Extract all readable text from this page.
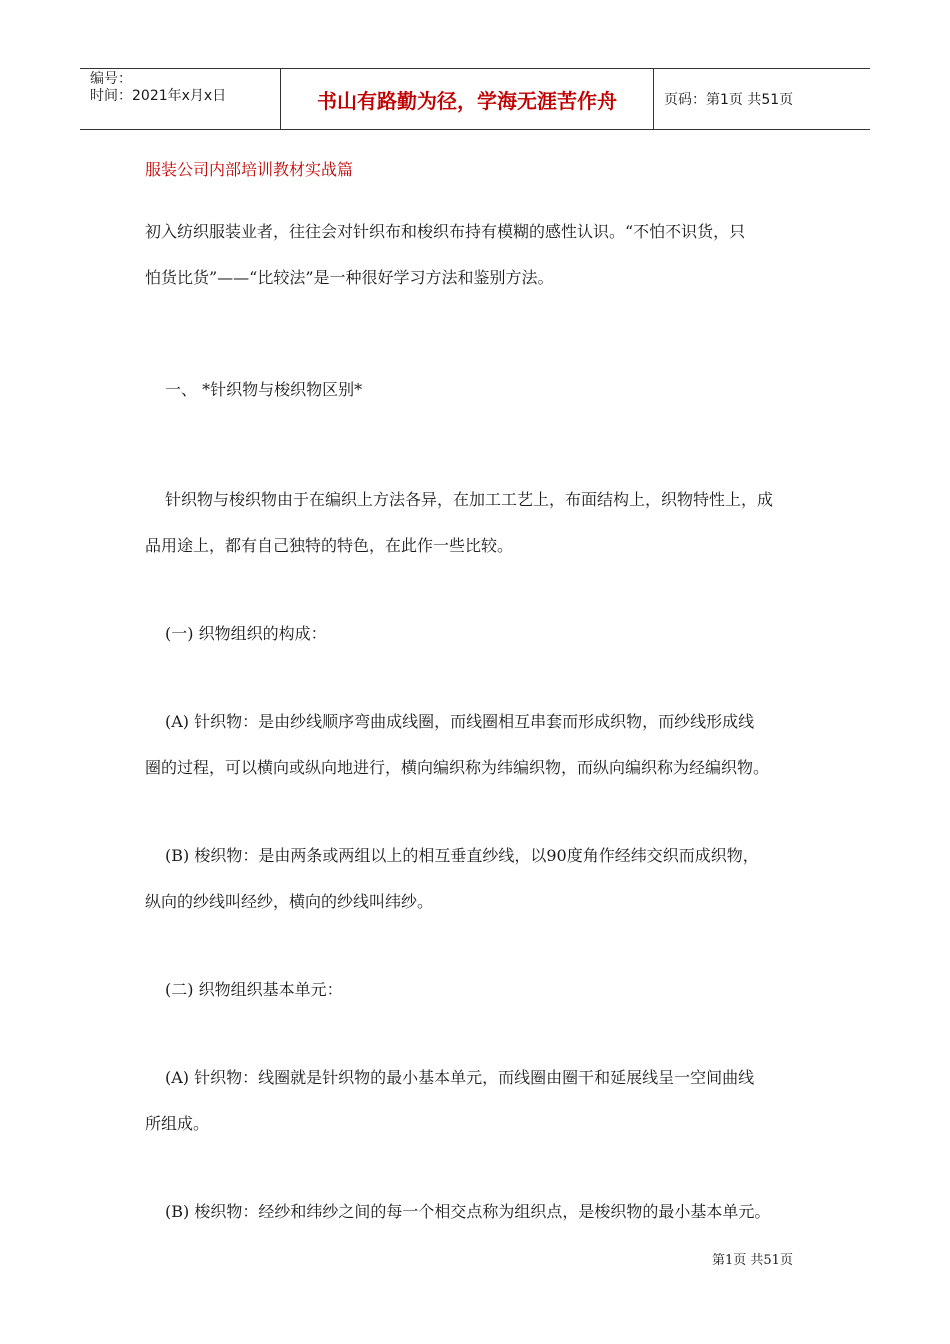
编号：
时间：2021年x月x日	书山有路勤为径，学海无涯苦作舟	页码：第1页 共51页
服装公司内部培训教材实战篇
初入纺织服装业者，往往会对针织布和梭织布持有模糊的感性认识。“不怕不识货，只
怕货比货”——“比较法”是一种很好学习方法和鉴别方法。
一、 *针织物与梭织物区别*
针织物与梭织物由于在编织上方法各异，在加工工艺上，布面结构上，织物特性上，成
品用途上，都有自己独特的特色，在此作一些比较。
(一) 织物组织的构成：
(A) 针织物：是由纱线顺序弯曲成线圈，而线圈相互串套而形成织物，而纱线形成线
圈的过程，可以横向或纵向地进行，横向编织称为纬编织物，而纵向编织称为经编织物。
(B) 梭织物：是由两条或两组以上的相互垂直纱线，以90度角作经纬交织而成织物，
纵向的纱线叫经纱，横向的纱线叫纬纱。
(二) 织物组织基本单元：
(A) 针织物：线圈就是针织物的最小基本单元，而线圈由圈干和延展线呈一空间曲线
所组成。
(B) 梭织物：经纱和纬纱之间的每一个相交点称为组织点，是梭织物的最小基本单元。
第1页 共51页
